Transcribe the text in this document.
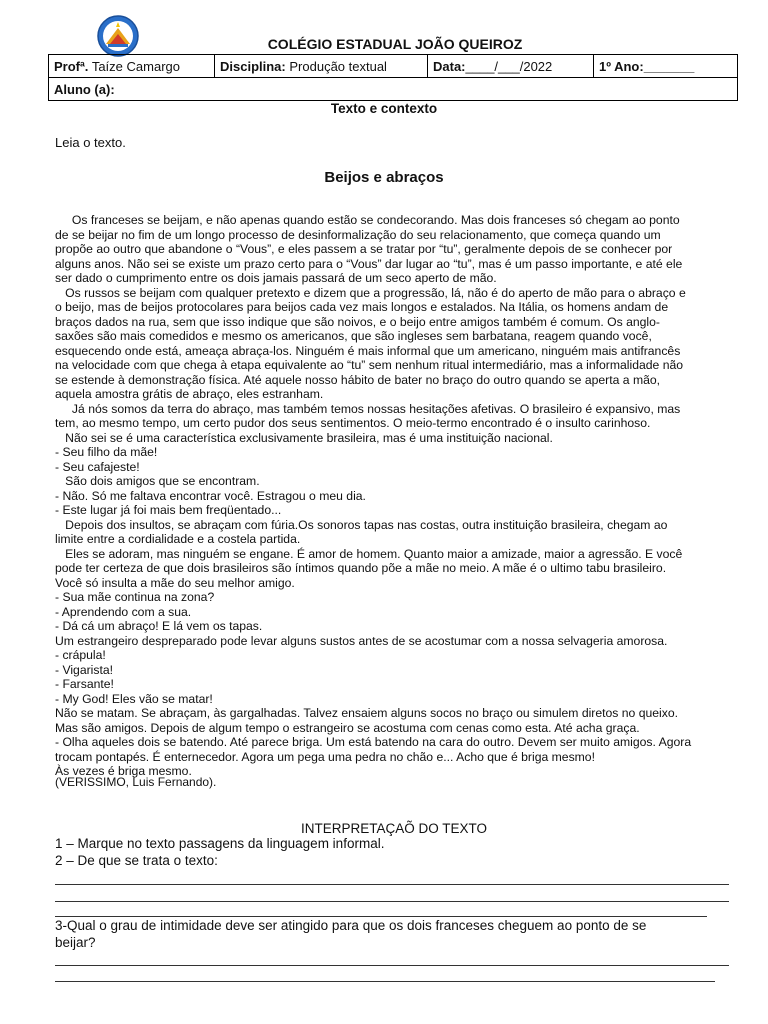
COLÉGIO ESTADUAL JOÃO QUEIROZ
Profª. Taíze Camargo	Disciplina: Produção textual	Data:____/___/2022	1º Ano:_______
Aluno (a):
Texto e contexto
Leia o texto.
Beijos e abraços
Os franceses se beijam, e não apenas quando estão se condecorando. Mas dois franceses só chegam ao ponto
de se beijar no fim de um longo processo de desinformalização do seu relacionamento, que começa quando um
propõe ao outro que abandone o “Vous”, e eles passem a se tratar por “tu”, geralmente depois de se conhecer por
alguns anos. Não sei se existe um prazo certo para o “Vous” dar lugar ao “tu”, mas é um passo importante, e até ele
ser dado o cumprimento entre os dois jamais passará de um seco aperto de mão.
Os russos se beijam com qualquer pretexto e dizem que a progressão, lá, não é do aperto de mão para o abraço e
o beijo, mas de beijos protocolares para beijos cada vez mais longos e estalados. Na Itália, os homens andam de
braços dados na rua, sem que isso indique que são noivos, e o beijo entre amigos também é comum. Os anglo-
saxões são mais comedidos e mesmo os americanos, que são ingleses sem barbatana, reagem quando você,
esquecendo onde está, ameaça abraça-los. Ninguém é mais informal que um americano, ninguém mais antifrancês
na velocidade com que chega à etapa equivalente ao “tu” sem nenhum ritual intermediário, mas a informalidade não
se estende à demonstração física. Até aquele nosso hábito de bater no braço do outro quando se aperta a mão,
aquela amostra grátis de abraço, eles estranham.
Já nós somos da terra do abraço, mas também temos nossas hesitações afetivas. O brasileiro é expansivo, mas
tem, ao mesmo tempo, um certo pudor dos seus sentimentos. O meio-termo encontrado é o insulto carinhoso.
Não sei se é uma característica exclusivamente brasileira, mas é uma instituição nacional.
- Seu filho da mãe!
- Seu cafajeste!
São dois amigos que se encontram.
- Não. Só me faltava encontrar você. Estragou o meu dia.
- Este lugar já foi mais bem freqüentado...
Depois dos insultos, se abraçam com fúria.Os sonoros tapas nas costas, outra instituição brasileira, chegam ao
limite entre a cordialidade e a costela partida.
Eles se adoram, mas ninguém se engane. É amor de homem. Quanto maior a amizade, maior a agressão. E você
pode ter certeza de que dois brasileiros são íntimos quando põe a mãe no meio. A mãe é o ultimo tabu brasileiro.
Você só insulta a mãe do seu melhor amigo.
- Sua mãe continua na zona?
- Aprendendo com a sua.
- Dá cá um abraço! E lá vem os tapas.
Um estrangeiro despreparado pode levar alguns sustos antes de se acostumar com a nossa selvageria amorosa.
- crápula!
- Vigarista!
- Farsante!
- My God! Eles vão se matar!
Não se matam. Se abraçam, às gargalhadas. Talvez ensaiem alguns socos no braço ou simulem diretos no queixo.
Mas são amigos. Depois de algum tempo o estrangeiro se acostuma com cenas como esta. Até acha graça.
- Olha aqueles dois se batendo. Até parece briga. Um está batendo na cara do outro. Devem ser muito amigos. Agora
trocam pontapés. É enternecedor. Agora um pega uma pedra no chão e... Acho que é briga mesmo!
Às vezes é briga mesmo.
(VERISSIMO, Luis Fernando).
INTERPRETAÇAÕ DO TEXTO
1 – Marque no texto passagens da linguagem informal.
2 – De que se trata o texto:
3-Qual o grau de intimidade deve ser atingido para que os dois franceses cheguem ao ponto de se
beijar?
